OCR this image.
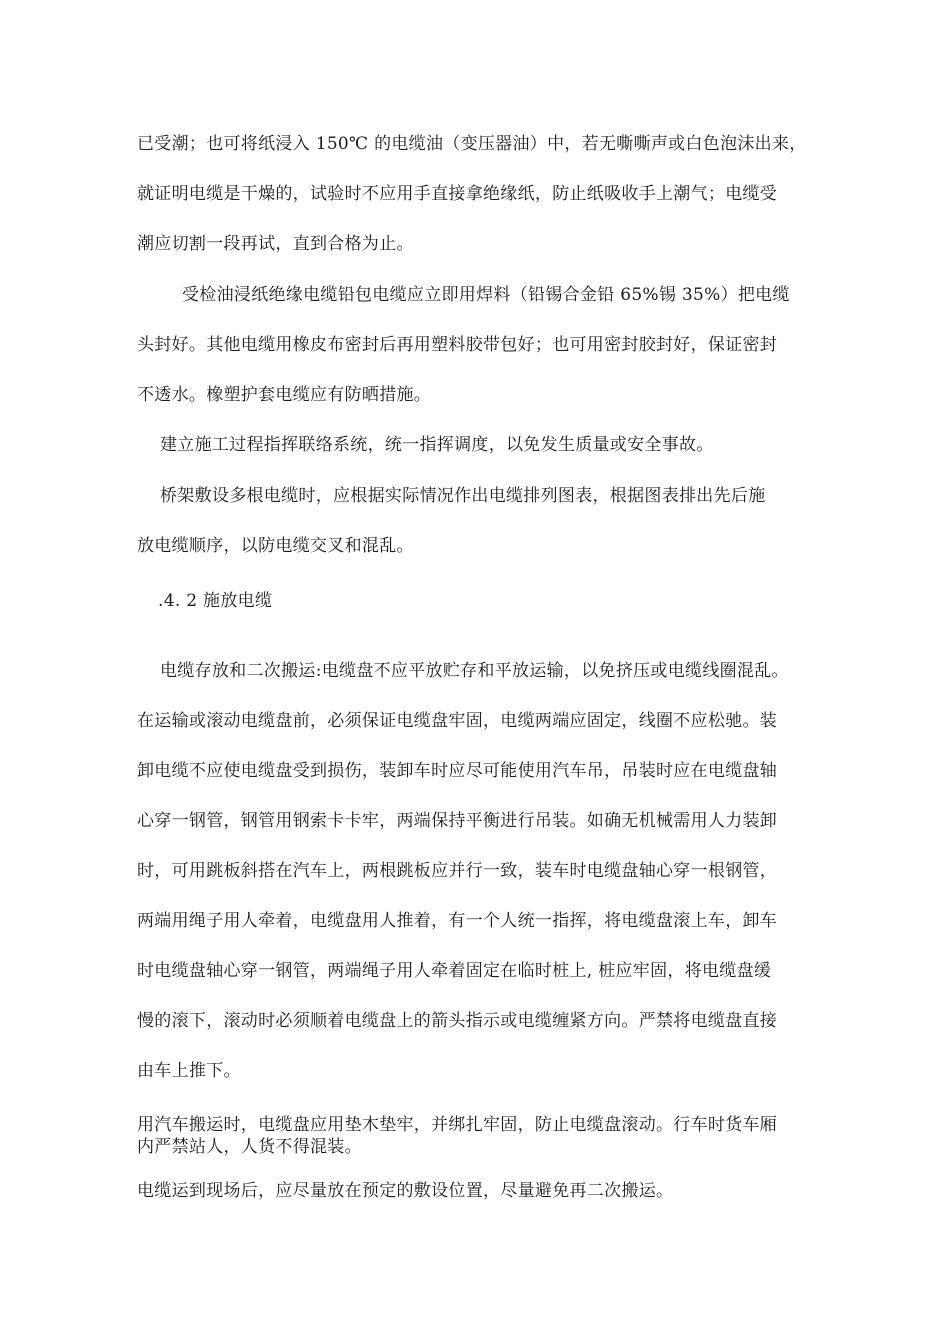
已受潮；也可将纸浸入 150℃ 的电缆油（变压器油）中，若无嘶嘶声或白色泡沫出来，
就证明电缆是干燥的，试验时不应用手直接拿绝缘纸，防止纸吸收手上潮气；电缆受
潮应切割一段再试，直到合格为止。
受检油浸纸绝缘电缆铅包电缆应立即用焊料（铅锡合金铅 65%锡 35%）把电缆
头封好。其他电缆用橡皮布密封后再用塑料胶带包好；也可用密封胶封好，保证密封
不透水。橡塑护套电缆应有防晒措施。
建立施工过程指挥联络系统，统一指挥调度，以免发生质量或安全事故。
桥架敷设多根电缆时，应根据实际情况作出电缆排列图表，根据图表排出先后施
放电缆顺序，以防电缆交叉和混乱。
.4. 2 施放电缆
电缆存放和二次搬运:电缆盘不应平放贮存和平放运输，以免挤压或电缆线圈混乱。
在运输或滚动电缆盘前，必须保证电缆盘牢固，电缆两端应固定，线圈不应松驰。装
卸电缆不应使电缆盘受到损伤，装卸车时应尽可能使用汽车吊，吊装时应在电缆盘轴
心穿一钢管，钢管用钢索卡卡牢，两端保持平衡进行吊装。如确无机械需用人力装卸
时，可用跳板斜搭在汽车上，两根跳板应并行一致，装车时电缆盘轴心穿一根钢管，
两端用绳子用人牵着，电缆盘用人推着，有一个人统一指挥，将电缆盘滚上车，卸车
时电缆盘轴心穿一钢管，两端绳子用人牵着固定在临时桩上, 桩应牢固，将电缆盘缓
慢的滚下，滚动时必须顺着电缆盘上的箭头指示或电缆缠紧方向。严禁将电缆盘直接
由车上推下。
用汽车搬运时，电缆盘应用垫木垫牢，并绑扎牢固，防止电缆盘滚动。行车时货车厢
内严禁站人，人货不得混装。
电缆运到现场后，应尽量放在预定的敷设位置，尽量避免再二次搬运。
